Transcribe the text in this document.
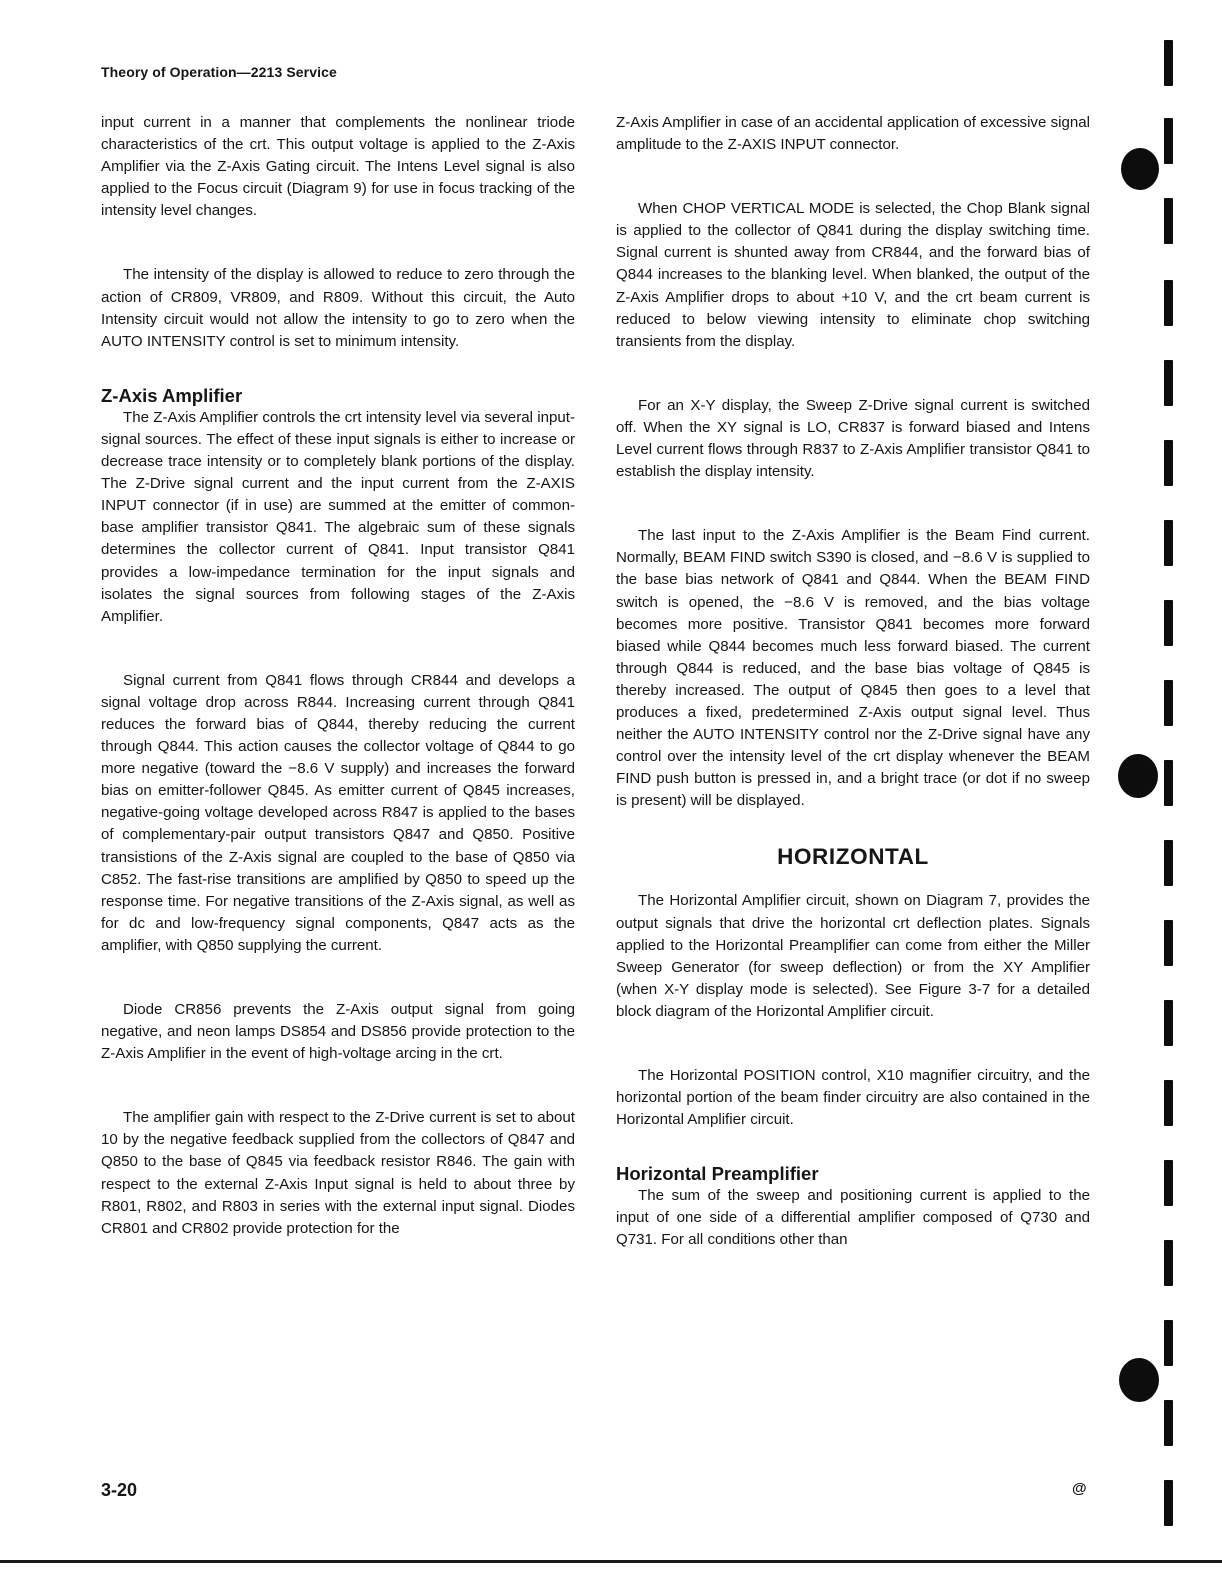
Theory of Operation—2213 Service

input current in a manner that complements the nonlinear triode characteristics of the crt. This output voltage is applied to the Z-Axis Amplifier via the Z-Axis Gating circuit. The Intens Level signal is also applied to the Focus circuit (Diagram 9) for use in focus tracking of the intensity level changes.

The intensity of the display is allowed to reduce to zero through the action of CR809, VR809, and R809. Without this circuit, the Auto Intensity circuit would not allow the intensity to go to zero when the AUTO INTENSITY control is set to minimum intensity.

Z-Axis Amplifier

The Z-Axis Amplifier controls the crt intensity level via several input-signal sources. The effect of these input signals is either to increase or decrease trace intensity or to completely blank portions of the display. The Z-Drive signal current and the input current from the Z-AXIS INPUT connector (if in use) are summed at the emitter of common-base amplifier transistor Q841. The algebraic sum of these signals determines the collector current of Q841. Input transistor Q841 provides a low-impedance termination for the input signals and isolates the signal sources from following stages of the Z-Axis Amplifier.

Signal current from Q841 flows through CR844 and develops a signal voltage drop across R844. Increasing current through Q841 reduces the forward bias of Q844, thereby reducing the current through Q844. This action causes the collector voltage of Q844 to go more negative (toward the −8.6 V supply) and increases the forward bias on emitter-follower Q845. As emitter current of Q845 increases, negative-going voltage developed across R847 is applied to the bases of complementary-pair output transistors Q847 and Q850. Positive transistions of the Z-Axis signal are coupled to the base of Q850 via C852. The fast-rise transitions are amplified by Q850 to speed up the response time. For negative transitions of the Z-Axis signal, as well as for dc and low-frequency signal components, Q847 acts as the amplifier, with Q850 supplying the current.

Diode CR856 prevents the Z-Axis output signal from going negative, and neon lamps DS854 and DS856 provide protection to the Z-Axis Amplifier in the event of high-voltage arcing in the crt.

The amplifier gain with respect to the Z-Drive current is set to about 10 by the negative feedback supplied from the collectors of Q847 and Q850 to the base of Q845 via feedback resistor R846. The gain with respect to the external Z-Axis Input signal is held to about three by R801, R802, and R803 in series with the external input signal. Diodes CR801 and CR802 provide protection for the

Z-Axis Amplifier in case of an accidental application of excessive signal amplitude to the Z-AXIS INPUT connector.

When CHOP VERTICAL MODE is selected, the Chop Blank signal is applied to the collector of Q841 during the display switching time. Signal current is shunted away from CR844, and the forward bias of Q844 increases to the blanking level. When blanked, the output of the Z-Axis Amplifier drops to about +10 V, and the crt beam current is reduced to below viewing intensity to eliminate chop switching transients from the display.

For an X-Y display, the Sweep Z-Drive signal current is switched off. When the XY signal is LO, CR837 is forward biased and Intens Level current flows through R837 to Z-Axis Amplifier transistor Q841 to establish the display intensity.

The last input to the Z-Axis Amplifier is the Beam Find current. Normally, BEAM FIND switch S390 is closed, and −8.6 V is supplied to the base bias network of Q841 and Q844. When the BEAM FIND switch is opened, the −8.6 V is removed, and the bias voltage becomes more positive. Transistor Q841 becomes more forward biased while Q844 becomes much less forward biased. The current through Q844 is reduced, and the base bias voltage of Q845 is thereby increased. The output of Q845 then goes to a level that produces a fixed, predetermined Z-Axis output signal level. Thus neither the AUTO INTENSITY control nor the Z-Drive signal have any control over the intensity level of the crt display whenever the BEAM FIND push button is pressed in, and a bright trace (or dot if no sweep is present) will be displayed.

HORIZONTAL

The Horizontal Amplifier circuit, shown on Diagram 7, provides the output signals that drive the horizontal crt deflection plates. Signals applied to the Horizontal Preamplifier can come from either the Miller Sweep Generator (for sweep deflection) or from the XY Amplifier (when X-Y display mode is selected). See Figure 3-7 for a detailed block diagram of the Horizontal Amplifier circuit.

The Horizontal POSITION control, X10 magnifier circuitry, and the horizontal portion of the beam finder circuitry are also contained in the Horizontal Amplifier circuit.

Horizontal Preamplifier

The sum of the sweep and positioning current is applied to the input of one side of a differential amplifier composed of Q730 and Q731. For all conditions other than

3-20	@
